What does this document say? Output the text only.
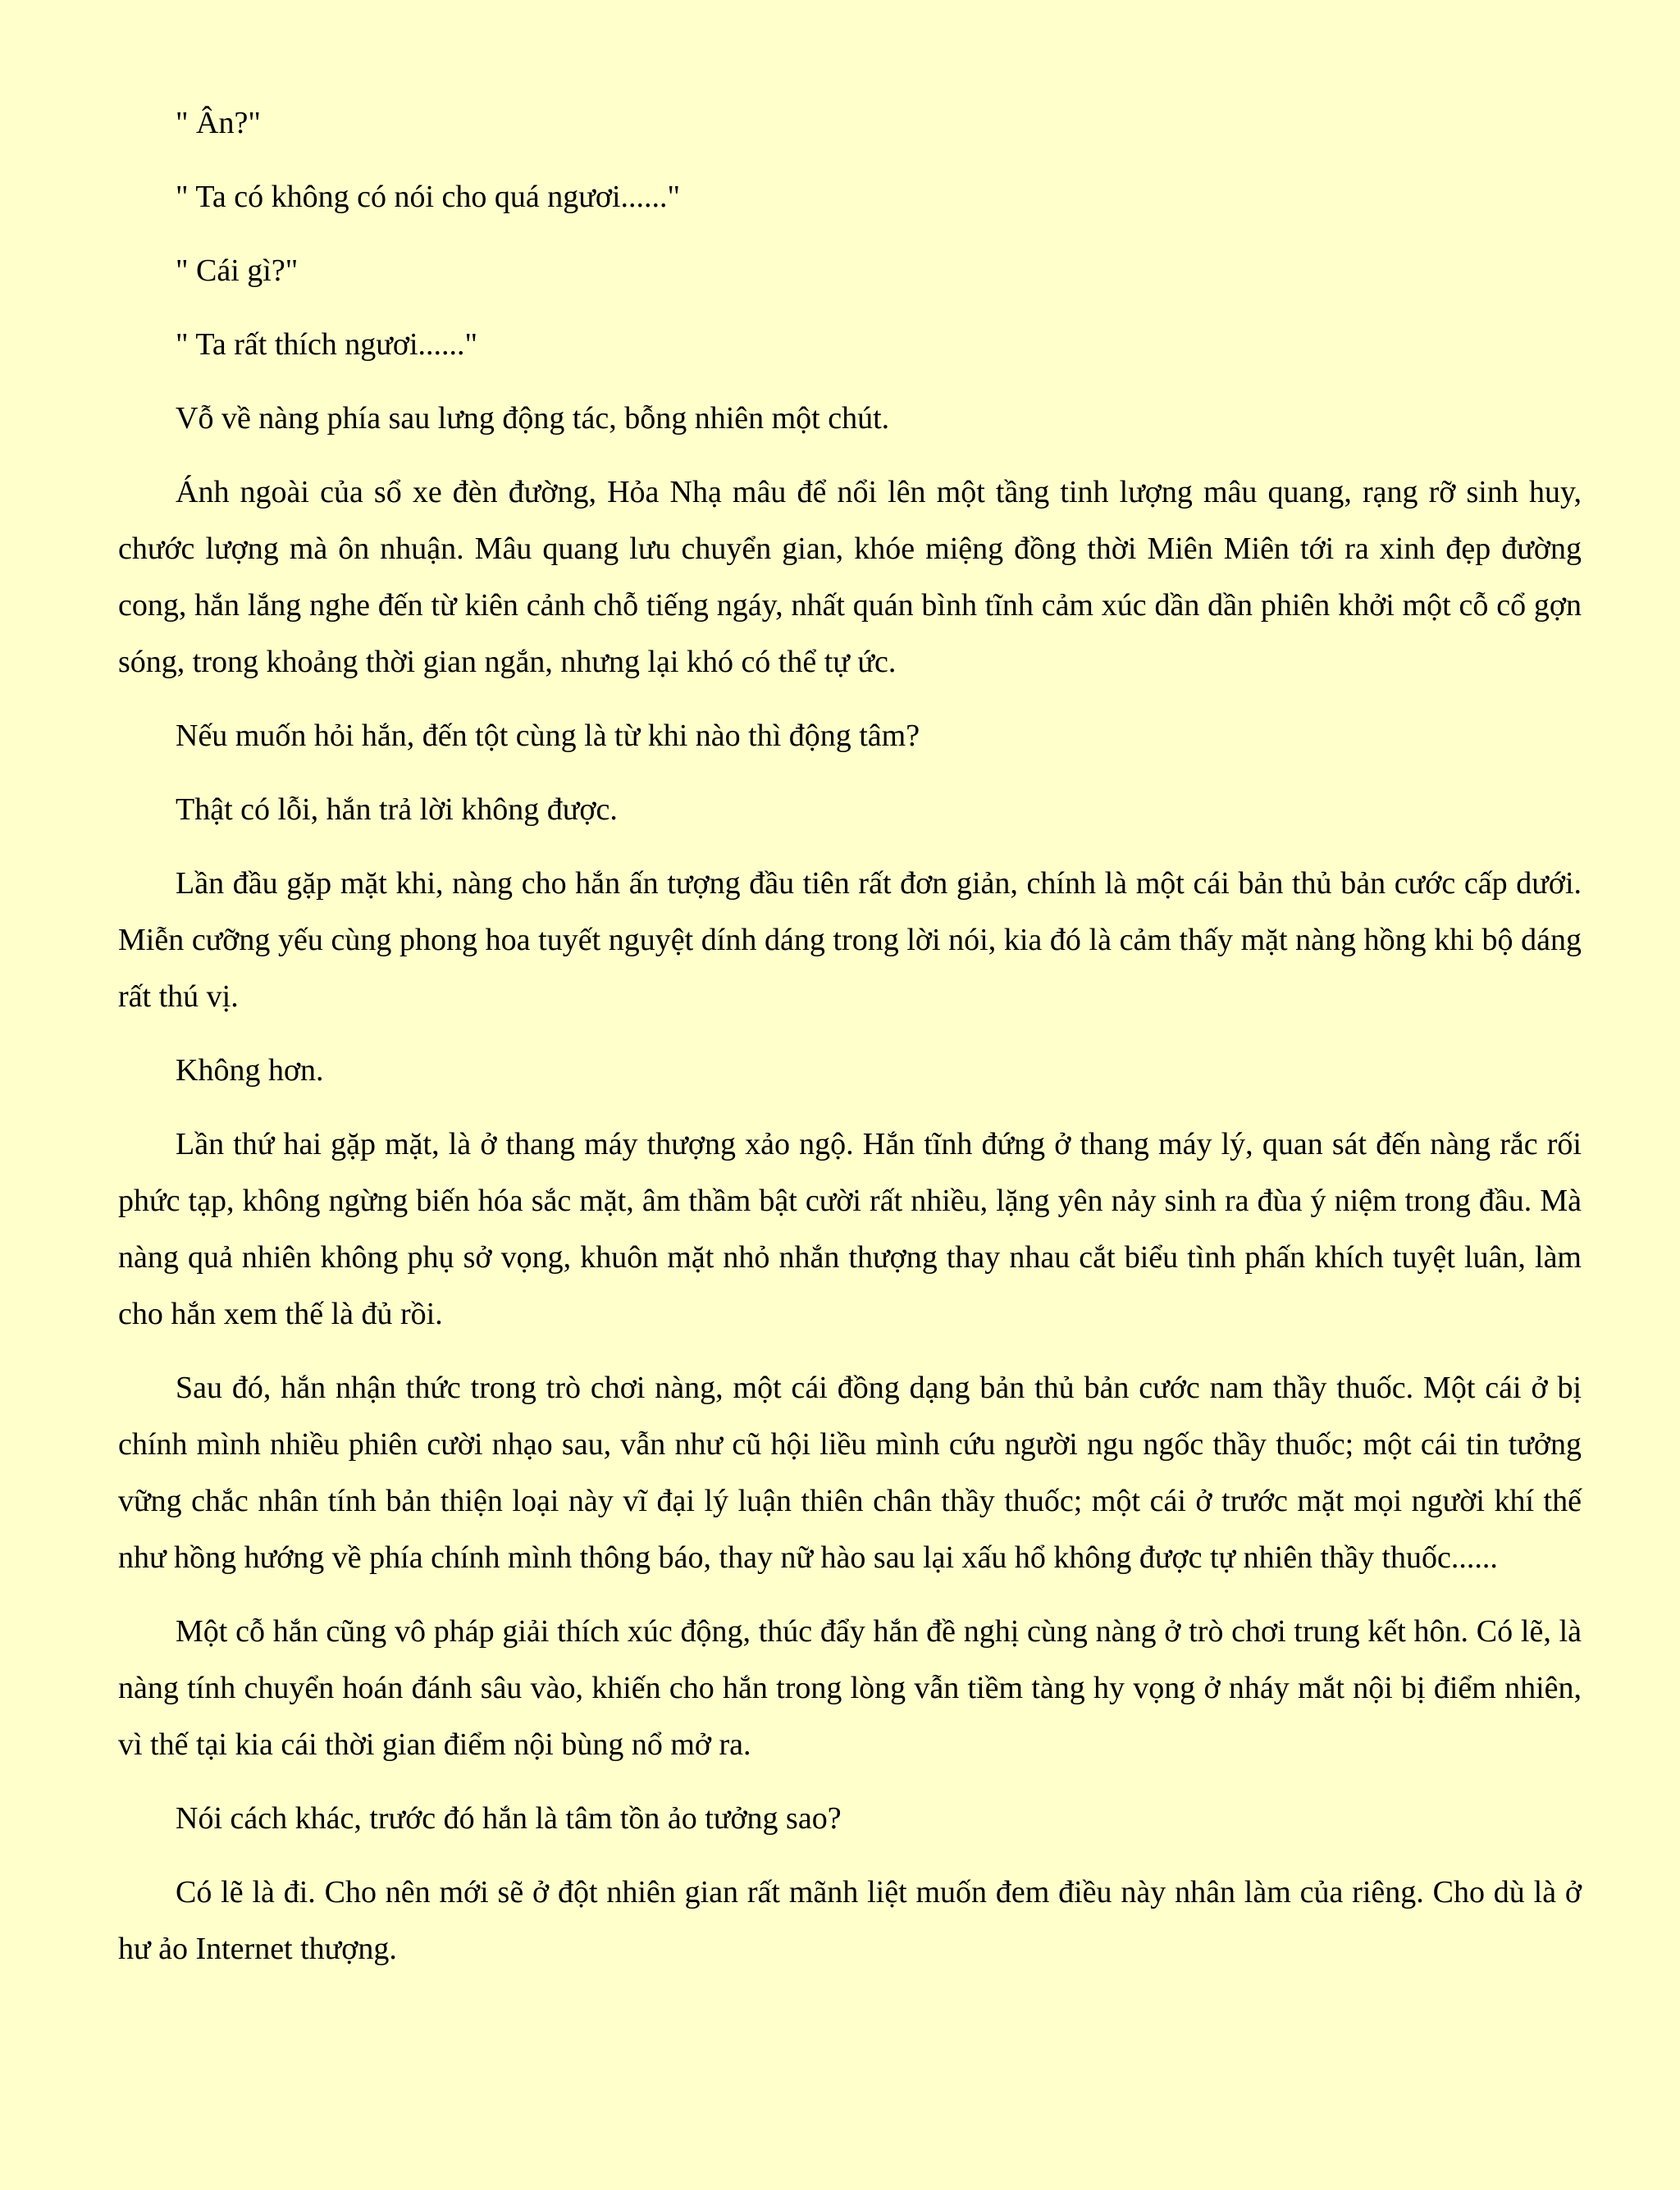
" Ân?"

" Ta có không có nói cho quá ngươi......"

" Cái gì?"

" Ta rất thích ngươi......"

Vỗ về nàng phía sau lưng động tác, bỗng nhiên một chút.

Ánh ngoài của sổ xe đèn đường, Hỏa Nhạ mâu để nổi lên một tầng tinh lượng mâu quang, rạng rỡ sinh huy, chước lượng mà ôn nhuận. Mâu quang lưu chuyển gian, khóe miệng đồng thời Miên Miên tới ra xinh đẹp đường cong, hắn lắng nghe đến từ kiên cảnh chỗ tiếng ngáy, nhất quán bình tĩnh cảm xúc dần dần phiên khởi một cỗ cổ gợn sóng, trong khoảng thời gian ngắn, nhưng lại khó có thể tự ức.

Nếu muốn hỏi hắn, đến tột cùng là từ khi nào thì động tâm?

Thật có lỗi, hắn trả lời không được.

Lần đầu gặp mặt khi, nàng cho hắn ấn tượng đầu tiên rất đơn giản, chính là một cái bản thủ bản cước cấp dưới. Miễn cưỡng yếu cùng phong hoa tuyết nguyệt dính dáng trong lời nói, kia đó là cảm thấy mặt nàng hồng khi bộ dáng rất thú vị.

Không hơn.

Lần thứ hai gặp mặt, là ở thang máy thượng xảo ngộ. Hắn tĩnh đứng ở thang máy lý, quan sát đến nàng rắc rối phức tạp, không ngừng biến hóa sắc mặt, âm thầm bật cười rất nhiều, lặng yên nảy sinh ra đùa ý niệm trong đầu. Mà nàng quả nhiên không phụ sở vọng, khuôn mặt nhỏ nhắn thượng thay nhau cắt biểu tình phấn khích tuyệt luân, làm cho hắn xem thế là đủ rồi.

Sau đó, hắn nhận thức trong trò chơi nàng, một cái đồng dạng bản thủ bản cước nam thầy thuốc. Một cái ở bị chính mình nhiều phiên cười nhạo sau, vẫn như cũ hội liều mình cứu người ngu ngốc thầy thuốc; một cái tin tưởng vững chắc nhân tính bản thiện loại này vĩ đại lý luận thiên chân thầy thuốc; một cái ở trước mặt mọi người khí thế như hồng hướng về phía chính mình thông báo, thay nữ hào sau lại xấu hổ không được tự nhiên thầy thuốc......

Một cỗ hắn cũng vô pháp giải thích xúc động, thúc đẩy hắn đề nghị cùng nàng ở trò chơi trung kết hôn. Có lẽ, là nàng tính chuyển hoán đánh sâu vào, khiến cho hắn trong lòng vẫn tiềm tàng hy vọng ở nháy mắt nội bị điểm nhiên, vì thế tại kia cái thời gian điểm nội bùng nổ mở ra.

Nói cách khác, trước đó hắn là tâm tồn ảo tưởng sao?

Có lẽ là đi. Cho nên mới sẽ ở đột nhiên gian rất mãnh liệt muốn đem điều này nhân làm của riêng. Cho dù là ở hư ảo Internet thượng.
